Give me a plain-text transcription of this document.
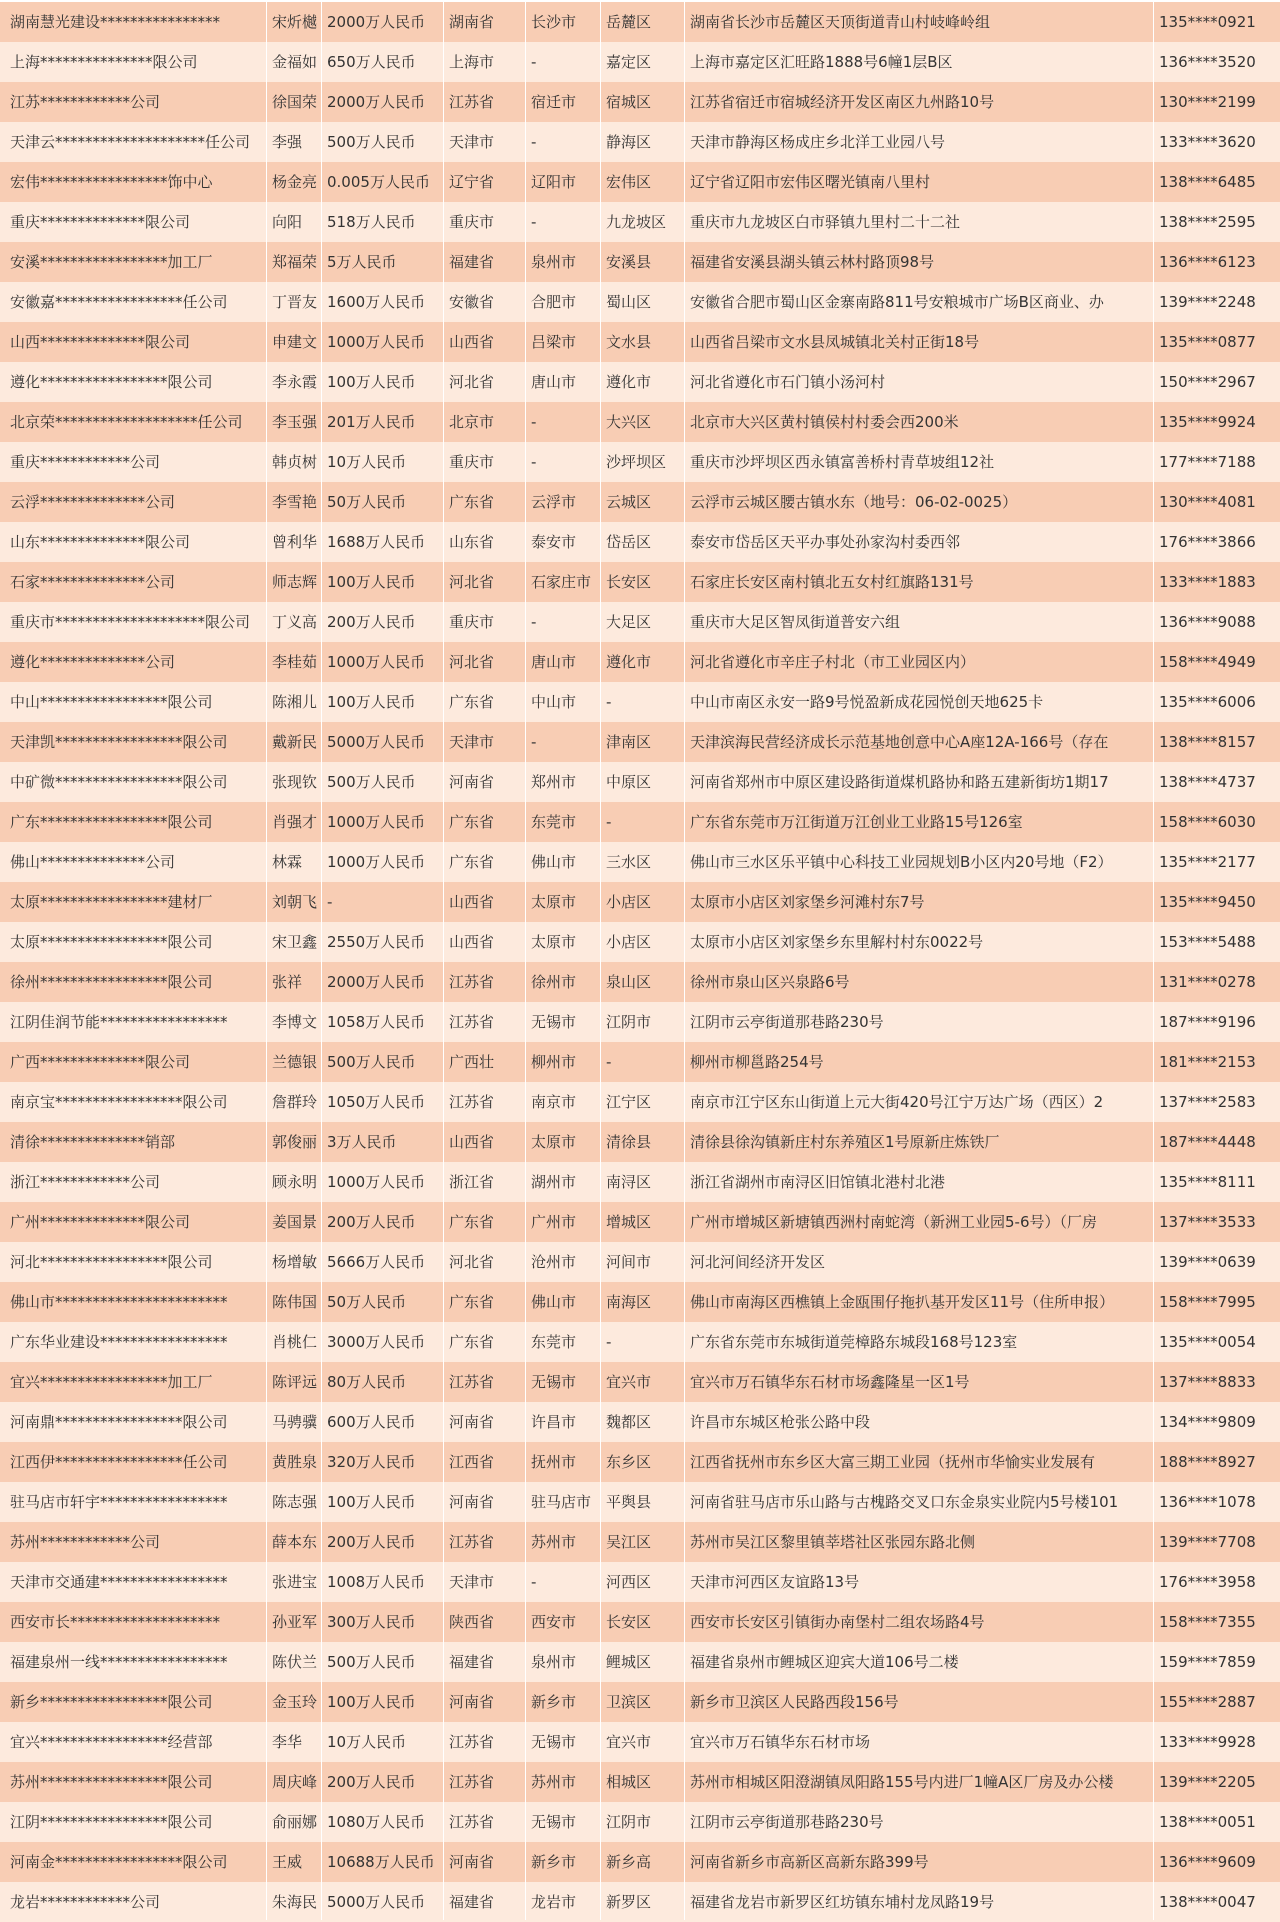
湖南慧光建设****************	宋炘樾 2000万人民币	湖南省	长沙市	岳麓区	湖南省长沙市岳麓区天顶街道青山村岐峰岭组	135****0921
上海***************限公司	金福如 650万人民币	上海市	-	嘉定区	上海市嘉定区汇旺路1888号6幢1层B区	136****3520
江苏************公司	徐国荣 2000万人民币	江苏省	宿迁市	宿城区	江苏省宿迁市宿城经济开发区南区九州路10号	130****2199
天津云********************任公司	李强	500万人民币	天津市	-	静海区	天津市静海区杨成庄乡北洋工业园八号	133****3620
宏伟*****************饰中心	杨金亮 0.005万人民币	辽宁省	辽阳市	宏伟区	辽宁省辽阳市宏伟区曙光镇南八里村	138****6485
重庆**************限公司	向阳	518万人民币	重庆市	-	九龙坡区	重庆市九龙坡区白市驿镇九里村二十二社	138****2595
安溪*****************加工厂	郑福荣 5万人民币	福建省	泉州市	安溪县	福建省安溪县湖头镇云林村路顶98号	136****6123
安徽嘉*****************任公司	丁晋友 1600万人民币	安徽省	合肥市	蜀山区	安徽省合肥市蜀山区金寨南路811号安粮城市广场B区商业、办	139****2248
山西**************限公司	申建文 1000万人民币	山西省	吕梁市	文水县	山西省吕梁市文水县凤城镇北关村正街18号	135****0877
遵化*****************限公司	李永霞 100万人民币	河北省	唐山市	遵化市	河北省遵化市石门镇小汤河村	150****2967
北京荣*******************任公司	李玉强 201万人民币	北京市	-	大兴区	北京市大兴区黄村镇侯村村委会西200米	135****9924
重庆************公司	韩贞树 10万人民币	重庆市	-	沙坪坝区	重庆市沙坪坝区西永镇富善桥村青草坡组12社	177****7188
云浮**************公司	李雪艳 50万人民币	广东省	云浮市	云城区	云浮市云城区腰古镇水东（地号：06-02-0025）	130****4081
山东**************限公司	曾利华 1688万人民币	山东省	泰安市	岱岳区	泰安市岱岳区天平办事处孙家沟村委西邻	176****3866
石家**************公司	师志辉 100万人民币	河北省	石家庄市 长安区	石家庄长安区南村镇北五女村红旗路131号	133****1883
重庆市********************限公司	丁义高 200万人民币	重庆市	-	大足区	重庆市大足区智凤街道普安六组	136****9088
遵化**************公司	李桂茹 1000万人民币	河北省	唐山市	遵化市	河北省遵化市辛庄子村北（市工业园区内）	158****4949
中山*****************限公司	陈湘儿 100万人民币	广东省	中山市	-	中山市南区永安一路9号悦盈新成花园悦创天地625卡	135****6006
天津凯*****************限公司	戴新民 5000万人民币	天津市	-	津南区	天津滨海民营经济成长示范基地创意中心A座12A-166号（存在	138****8157
中矿微*****************限公司	张现钦 500万人民币	河南省	郑州市	中原区	河南省郑州市中原区建设路街道煤机路协和路五建新街坊1期17	138****4737
广东*****************限公司	肖强才 1000万人民币	广东省	东莞市	-	广东省东莞市万江街道万江创业工业路15号126室	158****6030
佛山**************公司	林霖	1000万人民币	广东省	佛山市	三水区	佛山市三水区乐平镇中心科技工业园规划B小区内20号地（F2）	135****2177
太原*****************建材厂	刘朝飞 -	山西省	太原市	小店区	太原市小店区刘家堡乡河滩村东7号	135****9450
太原*****************限公司	宋卫鑫 2550万人民币	山西省	太原市	小店区	太原市小店区刘家堡乡东里解村村东0022号	153****5488
徐州*****************限公司	张祥	2000万人民币	江苏省	徐州市	泉山区	徐州市泉山区兴泉路6号	131****0278
江阴佳润节能*****************	李博文 1058万人民币	江苏省	无锡市	江阴市	江阴市云亭街道那巷路230号	187****9196
广西**************限公司	兰德银 500万人民币	广西壮	柳州市	-	柳州市柳邕路254号	181****2153
南京宝*****************限公司	詹群玲 1050万人民币	江苏省	南京市	江宁区	南京市江宁区东山街道上元大街420号江宁万达广场（西区）2	137****2583
清徐**************销部	郭俊丽 3万人民币	山西省	太原市	清徐县	清徐县徐沟镇新庄村东养殖区1号原新庄炼铁厂	187****4448
浙江************公司	顾永明 1000万人民币	浙江省	湖州市	南浔区	浙江省湖州市南浔区旧馆镇北港村北港	135****8111
广州**************限公司	姜国景 200万人民币	广东省	广州市	增城区	广州市增城区新塘镇西洲村南蛇湾（新洲工业园5-6号）（厂房	137****3533
河北*****************限公司	杨增敏 5666万人民币	河北省	沧州市	河间市	河北河间经济开发区	139****0639
佛山市***********************	陈伟国 50万人民币	广东省	佛山市	南海区	佛山市南海区西樵镇上金瓯围仔拖扒基开发区11号（住所申报）	158****7995
广东华业建设*****************	肖桃仁 3000万人民币	广东省	东莞市	-	广东省东莞市东城街道莞樟路东城段168号123室	135****0054
宜兴*****************加工厂	陈评远 80万人民币	江苏省	无锡市	宜兴市	宜兴市万石镇华东石材市场鑫隆星一区1号	137****8833
河南鼎*****************限公司	马骋骥 600万人民币	河南省	许昌市	魏都区	许昌市东城区枪张公路中段	134****9809
江西伊*****************任公司	黄胜泉 320万人民币	江西省	抚州市	东乡区	江西省抚州市东乡区大富三期工业园（抚州市华愉实业发展有	188****8927
驻马店市轩宇*****************	陈志强 100万人民币	河南省	驻马店市 平舆县	河南省驻马店市乐山路与古槐路交叉口东金泉实业院内5号楼101	136****1078
苏州************公司	薛本东 200万人民币	江苏省	苏州市	吴江区	苏州市吴江区黎里镇莘塔社区张园东路北侧	139****7708
天津市交通建*****************	张进宝 1008万人民币	天津市	-	河西区	天津市河西区友谊路13号	176****3958
西安市长********************	孙亚军 300万人民币	陕西省	西安市	长安区	西安市长安区引镇街办南堡村二组农场路4号	158****7355
福建泉州一线*****************	陈伏兰 500万人民币	福建省	泉州市	鲤城区	福建省泉州市鲤城区迎宾大道106号二楼	159****7859
新乡*****************限公司	金玉玲 100万人民币	河南省	新乡市	卫滨区	新乡市卫滨区人民路西段156号	155****2887
宜兴*****************经营部	李华	10万人民币	江苏省	无锡市	宜兴市	宜兴市万石镇华东石材市场	133****9928
苏州*****************限公司	周庆峰 200万人民币	江苏省	苏州市	相城区	苏州市相城区阳澄湖镇凤阳路155号内进厂1幢A区厂房及办公楼	139****2205
江阴*****************限公司	俞丽娜 1080万人民币	江苏省	无锡市	江阴市	江阴市云亭街道那巷路230号	138****0051
河南金*****************限公司	王威	10688万人民币 河南省	新乡市	新乡高	河南省新乡市高新区高新东路399号	136****9609
龙岩************公司	朱海民 5000万人民币	福建省	龙岩市	新罗区	福建省龙岩市新罗区红坊镇东埔村龙凤路19号	138****0047
